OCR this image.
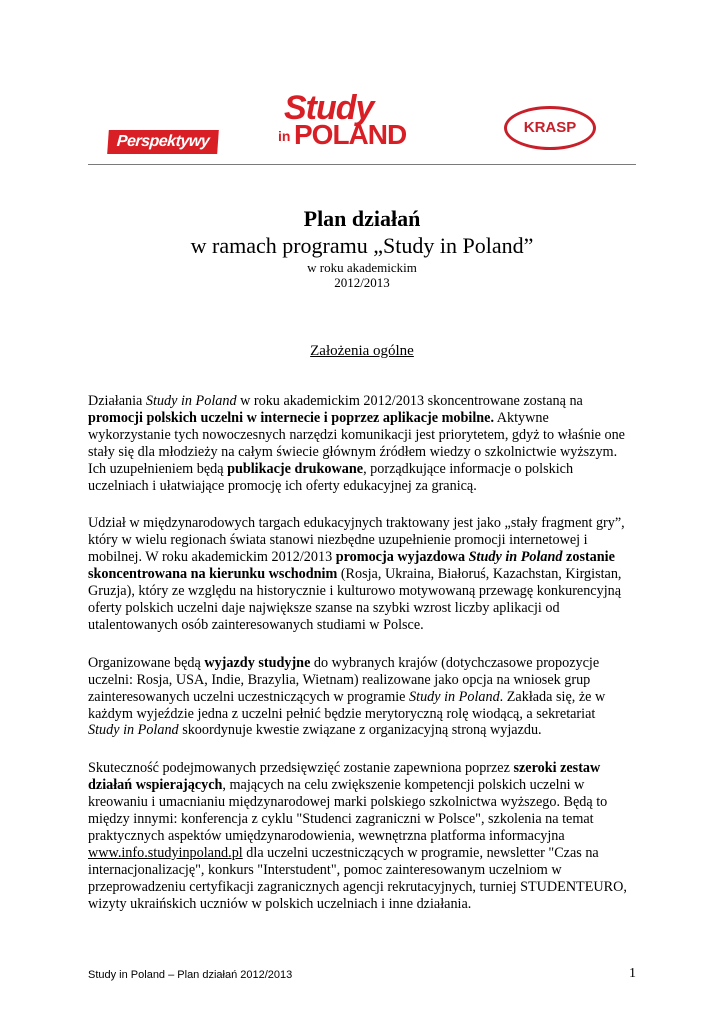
Perspektywy
Study
in POLAND	KRASP
Plan działań
w ramach programu „Study in Poland”
w roku akademickim
2012/2013
Założenia ogólne

Działania Study in Poland w roku akademickim 2012/2013 skoncentrowane zostaną na promocji polskich uczelni w internecie i poprzez aplikacje mobilne. Aktywne wykorzystanie tych nowoczesnych narzędzi komunikacji jest priorytetem, gdyż to właśnie one stały się dla młodzieży na całym świecie głównym źródłem wiedzy o szkolnictwie wyższym. Ich uzupełnieniem będą publikacje drukowane, porządkujące informacje o polskich uczelniach i ułatwiające promocję ich oferty edukacyjnej za granicą.

Udział w międzynarodowych targach edukacyjnych traktowany jest jako „stały fragment gry”, który w wielu regionach świata stanowi niezbędne uzupełnienie promocji internetowej i mobilnej. W roku akademickim 2012/2013 promocja wyjazdowa Study in Poland zostanie skoncentrowana na kierunku wschodnim (Rosja, Ukraina, Białoruś, Kazachstan, Kirgistan, Gruzja), który ze względu na historycznie i kulturowo motywowaną przewagę konkurencyjną oferty polskich uczelni daje największe szanse na szybki wzrost liczby aplikacji od utalentowanych osób zainteresowanych studiami w Polsce.

Organizowane będą wyjazdy studyjne do wybranych krajów (dotychczasowe propozycje uczelni: Rosja, USA, Indie, Brazylia, Wietnam) realizowane jako opcja na wniosek grup zainteresowanych uczelni uczestniczących w programie Study in Poland. Zakłada się, że w każdym wyjeździe jedna z uczelni pełnić będzie merytoryczną rolę wiodącą, a sekretariat Study in Poland skoordynuje kwestie związane z organizacyjną stroną wyjazdu.

Skuteczność podejmowanych przedsięwzięć zostanie zapewniona poprzez szeroki zestaw działań wspierających, mających na celu zwiększenie kompetencji polskich uczelni w kreowaniu i umacnianiu międzynarodowej marki polskiego szkolnictwa wyższego. Będą to między innymi: konferencja z cyklu "Studenci zagraniczni w Polsce", szkolenia na temat praktycznych aspektów umiędzynarodowienia, wewnętrzna platforma informacyjna www.info.studyinpoland.pl dla uczelni uczestniczących w programie, newsletter "Czas na internacjonalizację", konkurs "Interstudent", pomoc zainteresowanym uczelniom w przeprowadzeniu certyfikacji zagranicznych agencji rekrutacyjnych, turniej STUDENTEURO, wizyty ukraińskich uczniów w polskich uczelniach i inne działania.

Study in Poland – Plan działań 2012/2013	1
